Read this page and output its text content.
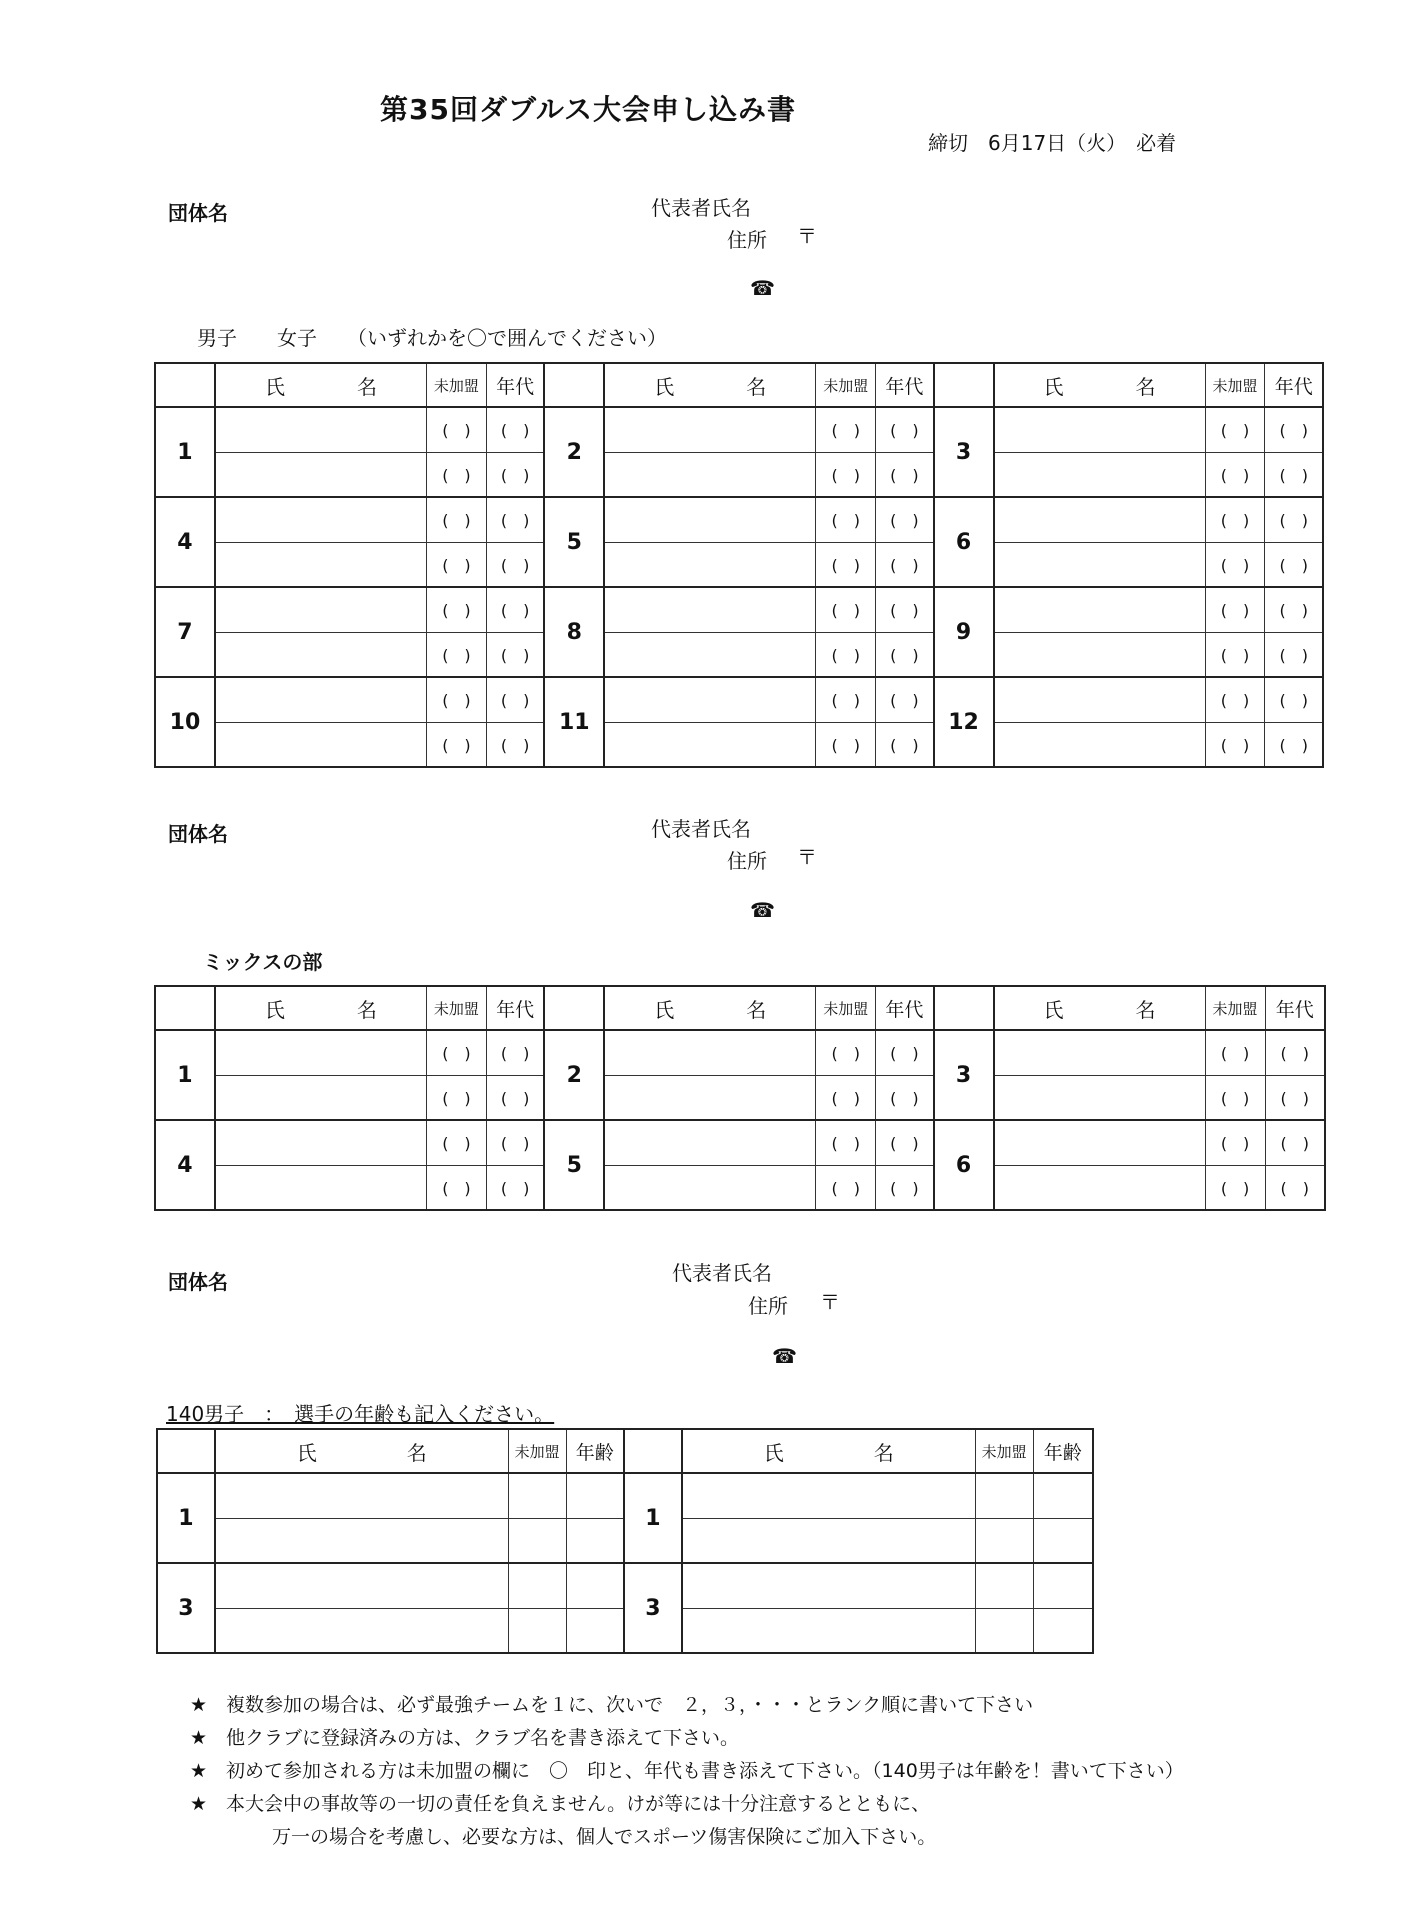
第35回ダブルス大会申し込み書
締切　6月17日（火）　必着
団体名	代表者氏名
住所 〒
☎
男子　　女子　　（いずれかを〇で囲んでください）
	氏 名	未加盟	年代		氏 名	未加盟	年代		氏 名	未加盟	年代
1		(　)	(　)	2		(　)	(　)	3		(　)	(　)
		(　)	(　)			(　)	(　)			(　)	(　)
4		(　)	(　)	5		(　)	(　)	6		(　)	(　)
		(　)	(　)			(　)	(　)			(　)	(　)
7		(　)	(　)	8		(　)	(　)	9		(　)	(　)
		(　)	(　)			(　)	(　)			(　)	(　)
10		(　)	(　)	11		(　)	(　)	12		(　)	(　)
		(　)	(　)			(　)	(　)			(　)	(　)
団体名	代表者氏名
住所 〒
☎
ミックスの部
	氏 名	未加盟	年代		氏 名	未加盟	年代		氏 名	未加盟	年代
1		(　)	(　)	2		(　)	(　)	3		(　)	(　)
		(　)	(　)			(　)	(　)			(　)	(　)
4		(　)	(　)	5		(　)	(　)	6		(　)	(　)
		(　)	(　)			(　)	(　)			(　)	(　)
団体名	代表者氏名
住所 〒
☎
140男子　：　選手の年齢も記入ください。
	氏 名	未加盟	年齢		氏 名	未加盟	年齢
1				1			

3				3			

★　複数参加の場合は、必ず最強チームを１に、次いで　２，３，・・・とランク順に書いて下さい
★　他クラブに登録済みの方は、クラブ名を書き添えて下さい。
★　初めて参加される方は未加盟の欄に　〇　印と、年代も書き添えて下さい。（140男子は年齢を！書いて下さい）
★　本大会中の事故等の一切の責任を負えません。けが等には十分注意するとともに、
万一の場合を考慮し、必要な方は、個人でスポーツ傷害保険にご加入下さい。
